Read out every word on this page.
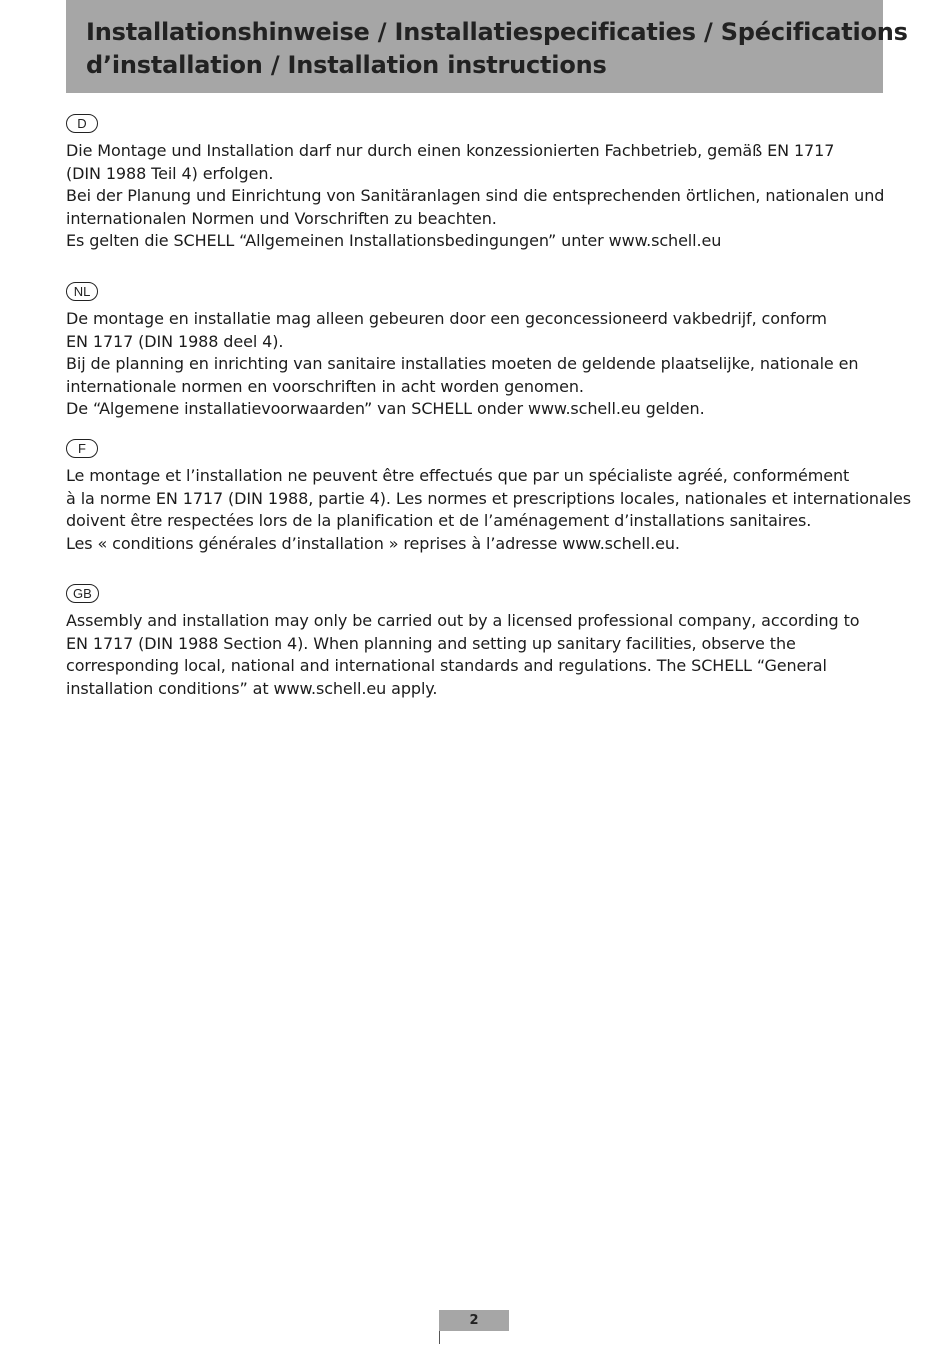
Installationshinweise / Installatiespecificaties / Spécifications
d’installation / Installation instructions
D
Die Montage und Installation darf nur durch einen konzessionierten Fachbetrieb, gemäß EN 1717
(DIN 1988 Teil 4) erfolgen.
Bei der Planung und Einrichtung von Sanitäranlagen sind die entsprechenden örtlichen, nationalen und
internationalen Normen und Vorschriften zu beachten.
Es gelten die SCHELL “Allgemeinen Installationsbedingungen” unter www.schell.eu
NL
De montage en installatie mag alleen gebeuren door een geconcessioneerd vakbedrijf, conform
EN 1717 (DIN 1988 deel 4).
Bij de planning en inrichting van sanitaire installaties moeten de geldende plaatselijke, nationale en
internationale normen en voorschriften in acht worden genomen.
De “Algemene installatievoorwaarden” van SCHELL onder www.schell.eu gelden.
F
Le montage et l’installation ne peuvent être effectués que par un spécialiste agréé, conformément
à la norme EN 1717 (DIN 1988, partie 4). Les normes et prescriptions locales, nationales et internationales
doivent être respectées lors de la planification et de l’aménagement d’installations sanitaires.
Les « conditions générales d’installation » reprises à l’adresse www.schell.eu.
GB
Assembly and installation may only be carried out by a licensed professional company, according to
EN 1717 (DIN 1988 Section 4). When planning and setting up sanitary facilities, observe the
corresponding local, national and international standards and regulations. The SCHELL “General
installation conditions” at www.schell.eu apply.
2
